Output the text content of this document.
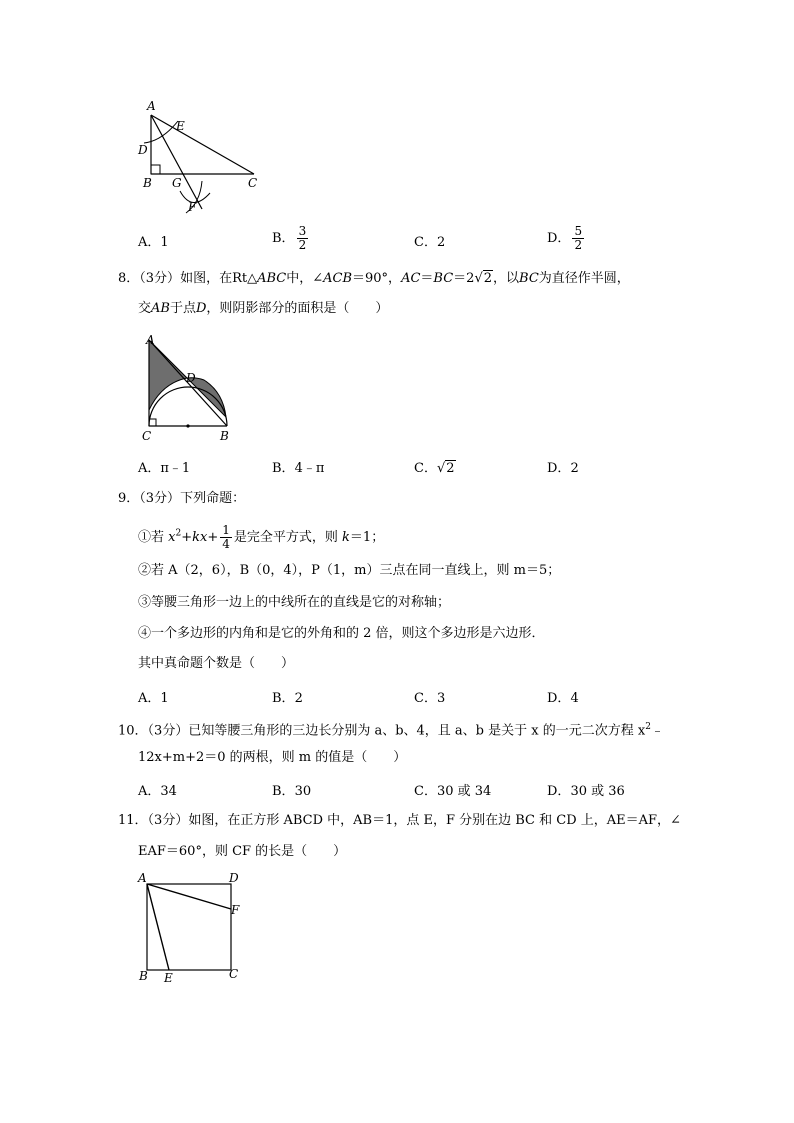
A
E
D
B G	C
F
A．1	B． $\frac{3}{2}$	C．2	D． $\frac{5}{2}$
8．（3分）如图，在Rt△ABC中，∠ACB＝90°，AC＝BC＝2√2，以BC为直径作半圆，
交AB于点D，则阴影部分的面积是（　　）
A
D
C	B
A．π﹣1	B．4﹣π	C．√2	D．2
9．（3分）下列命题：
①若 $x^2+kx+ \frac{1}{4}$ 是完全平方式，则 k＝1；
②若 A（2，6），B（0，4），P（1，m）三点在同一直线上，则 m＝5；
③等腰三角形一边上的中线所在的直线是它的对称轴；
④一个多边形的内角和是它的外角和的 2 倍，则这个多边形是六边形．
其中真命题个数是（　　）
A．1	B．2	C．3	D．4
10．（3分）已知等腰三角形的三边长分别为 a、b、4，且 a、b 是关于 x 的一元二次方程 $x^2﹣$
12x+m+2＝0 的两根，则 m 的值是（　　）
A．34	B．30	C．30 或 34	D．30 或 36
11．（3分）如图，在正方形 ABCD 中，AB＝1，点 E，F 分别在边 BC 和 CD 上，AE＝AF，∠
EAF＝60°，则 CF 的长是（　　）
A	D
F
B E	C
